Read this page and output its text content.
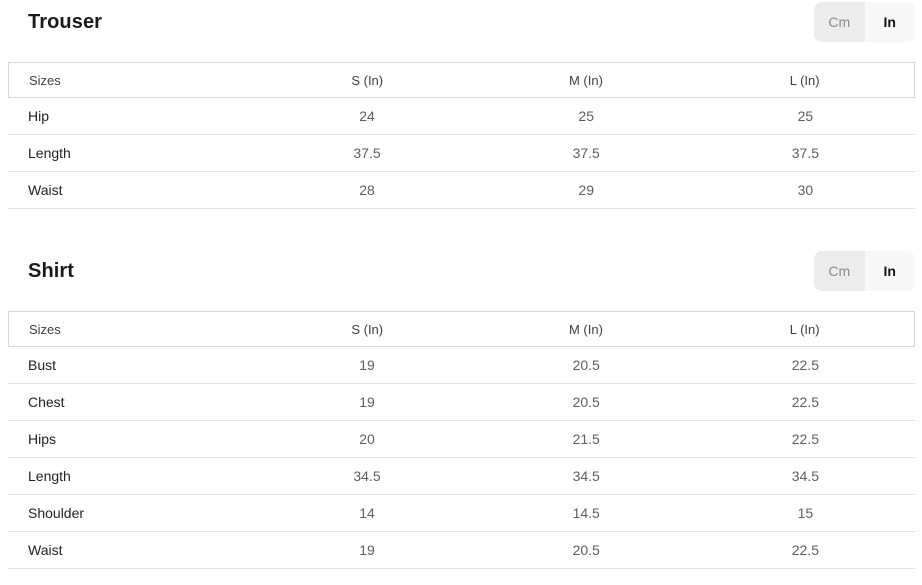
Trouser	Cm	In
Sizes	S (In)	M (In)	L (In)
Hip	24	25	25
Length	37.5	37.5	37.5
Waist	28	29	30
Shirt	Cm	In
Sizes	S (In)	M (In)	L (In)
Bust	19	20.5	22.5
Chest	19	20.5	22.5
Hips	20	21.5	22.5
Length	34.5	34.5	34.5
Shoulder	14	14.5	15
Waist	19	20.5	22.5
